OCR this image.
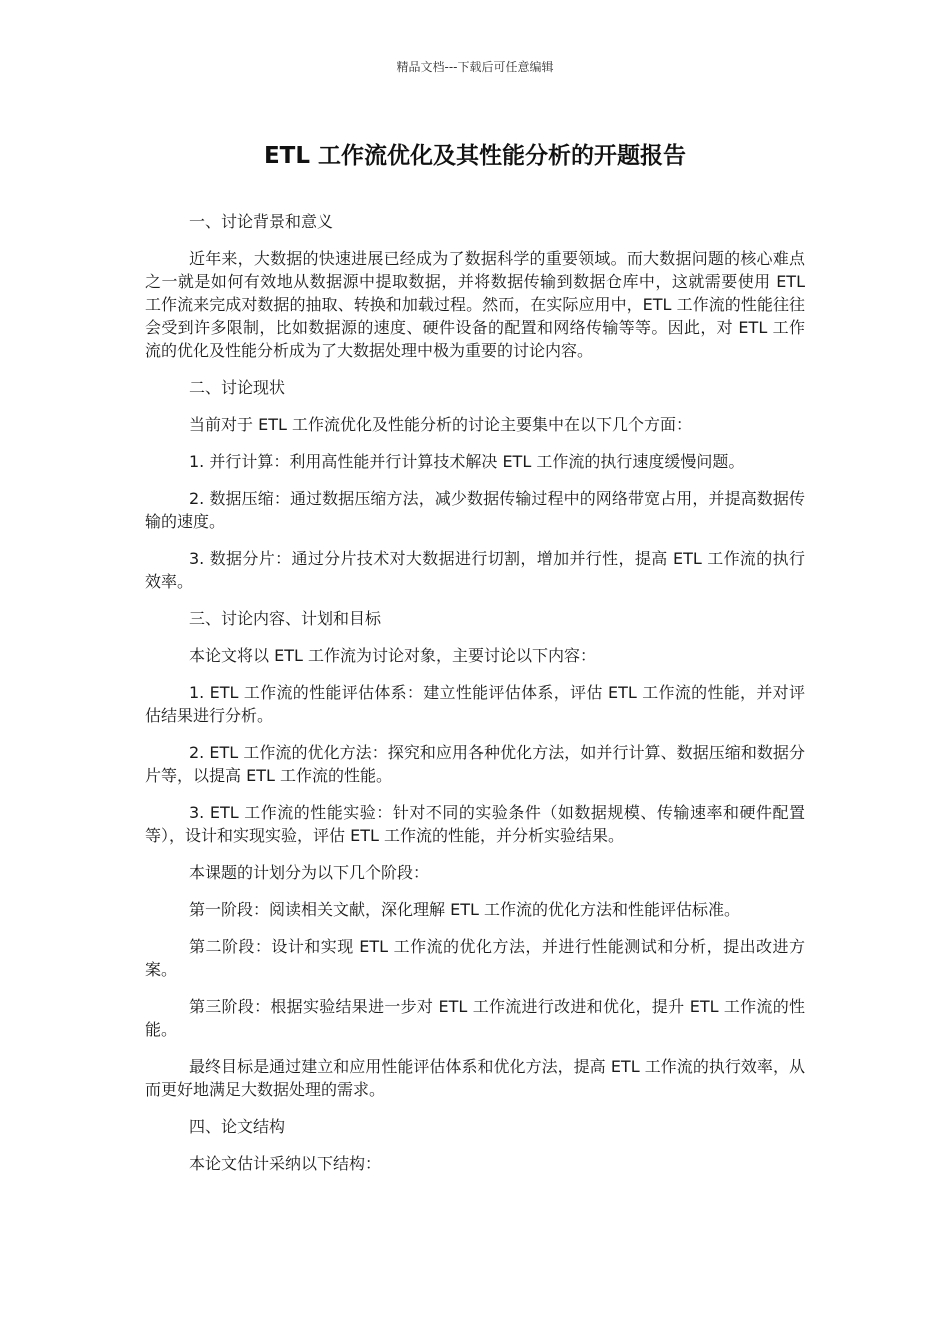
精品文档---下载后可任意编辑
ETL 工作流优化及其性能分析的开题报告

一、讨论背景和意义

近年来，大数据的快速进展已经成为了数据科学的重要领域。而大数据问题的核心难点之一就是如何有效地从数据源中提取数据，并将数据传输到数据仓库中，这就需要使用 ETL 工作流来完成对数据的抽取、转换和加载过程。然而，在实际应用中，ETL 工作流的性能往往会受到许多限制，比如数据源的速度、硬件设备的配置和网络传输等等。因此，对 ETL 工作流的优化及性能分析成为了大数据处理中极为重要的讨论内容。

二、讨论现状

当前对于 ETL 工作流优化及性能分析的讨论主要集中在以下几个方面：

1. 并行计算：利用高性能并行计算技术解决 ETL 工作流的执行速度缓慢问题。

2. 数据压缩：通过数据压缩方法，减少数据传输过程中的网络带宽占用，并提高数据传输的速度。

3. 数据分片：通过分片技术对大数据进行切割，增加并行性，提高 ETL 工作流的执行效率。

三、讨论内容、计划和目标

本论文将以 ETL 工作流为讨论对象，主要讨论以下内容：

1. ETL 工作流的性能评估体系：建立性能评估体系，评估 ETL 工作流的性能，并对评估结果进行分析。

2. ETL 工作流的优化方法：探究和应用各种优化方法，如并行计算、数据压缩和数据分片等，以提高 ETL 工作流的性能。

3. ETL 工作流的性能实验：针对不同的实验条件（如数据规模、传输速率和硬件配置等），设计和实现实验，评估 ETL 工作流的性能，并分析实验结果。

本课题的计划分为以下几个阶段：

第一阶段：阅读相关文献，深化理解 ETL 工作流的优化方法和性能评估标准。

第二阶段：设计和实现 ETL 工作流的优化方法，并进行性能测试和分析，提出改进方案。

第三阶段：根据实验结果进一步对 ETL 工作流进行改进和优化，提升 ETL 工作流的性能。

最终目标是通过建立和应用性能评估体系和优化方法，提高 ETL 工作流的执行效率，从而更好地满足大数据处理的需求。

四、论文结构

本论文估计采纳以下结构：
